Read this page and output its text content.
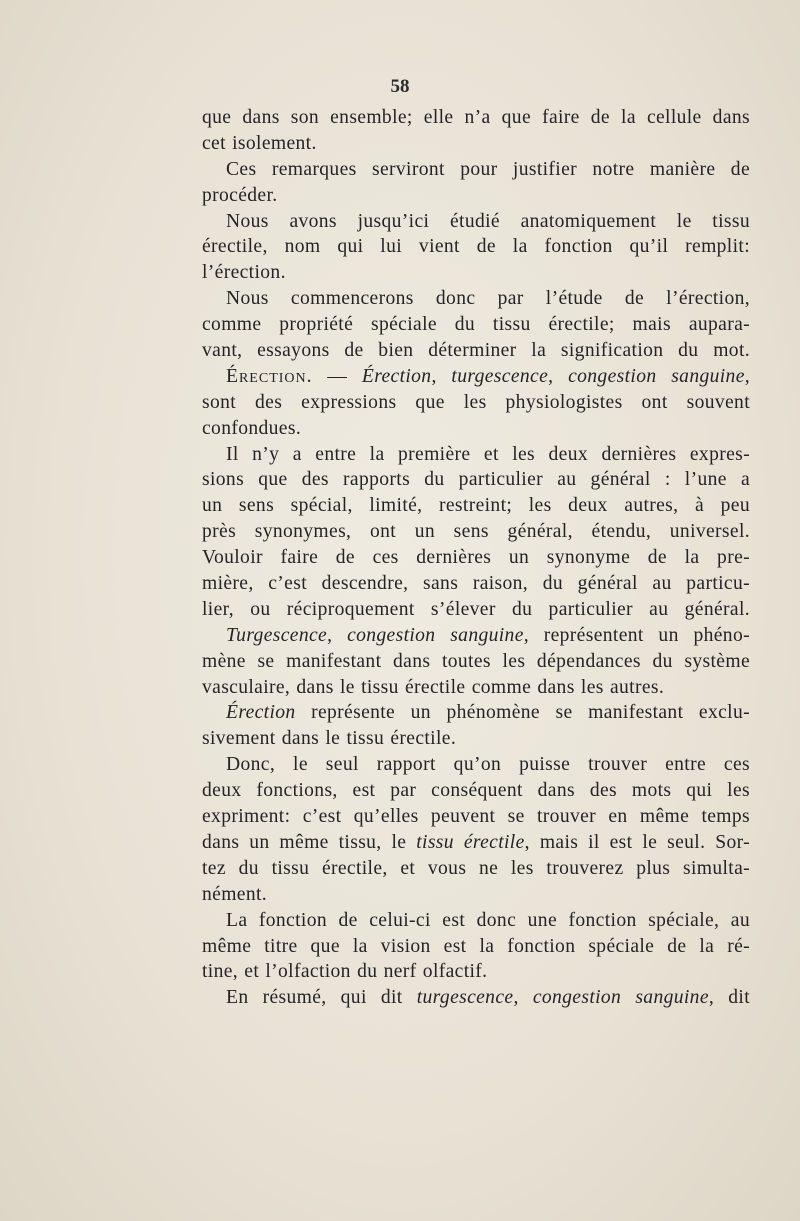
58
que dans son ensemble; elle n’a que faire de la cellule dans
cet isolement.
Ces remarques serviront pour justifier notre manière de
procéder.
Nous avons jusqu’ici étudié anatomiquement le tissu
érectile, nom qui lui vient de la fonction qu’il remplit:
l’érection.
Nous commencerons donc par l’étude de l’érection,
comme propriété spéciale du tissu érectile; mais aupara-
vant, essayons de bien déterminer la signification du mot.
Érection. — Érection, turgescence, congestion sanguine,
sont des expressions que les physiologistes ont souvent
confondues.
Il n’y a entre la première et les deux dernières expres-
sions que des rapports du particulier au général : l’une a
un sens spécial, limité, restreint; les deux autres, à peu
près synonymes, ont un sens général, étendu, universel.
Vouloir faire de ces dernières un synonyme de la pre-
mière, c’est descendre, sans raison, du général au particu-
lier, ou réciproquement s’élever du particulier au général.
Turgescence, congestion sanguine, représentent un phéno-
mène se manifestant dans toutes les dépendances du système
vasculaire, dans le tissu érectile comme dans les autres.
Érection représente un phénomène se manifestant exclu-
sivement dans le tissu érectile.
Donc, le seul rapport qu’on puisse trouver entre ces
deux fonctions, est par conséquent dans des mots qui les
expriment: c’est qu’elles peuvent se trouver en même temps
dans un même tissu, le tissu érectile, mais il est le seul. Sor-
tez du tissu érectile, et vous ne les trouverez plus simulta-
nément.
La fonction de celui-ci est donc une fonction spéciale, au
même titre que la vision est la fonction spéciale de la ré-
tine, et l’olfaction du nerf olfactif.
En résumé, qui dit turgescence, congestion sanguine, dit
